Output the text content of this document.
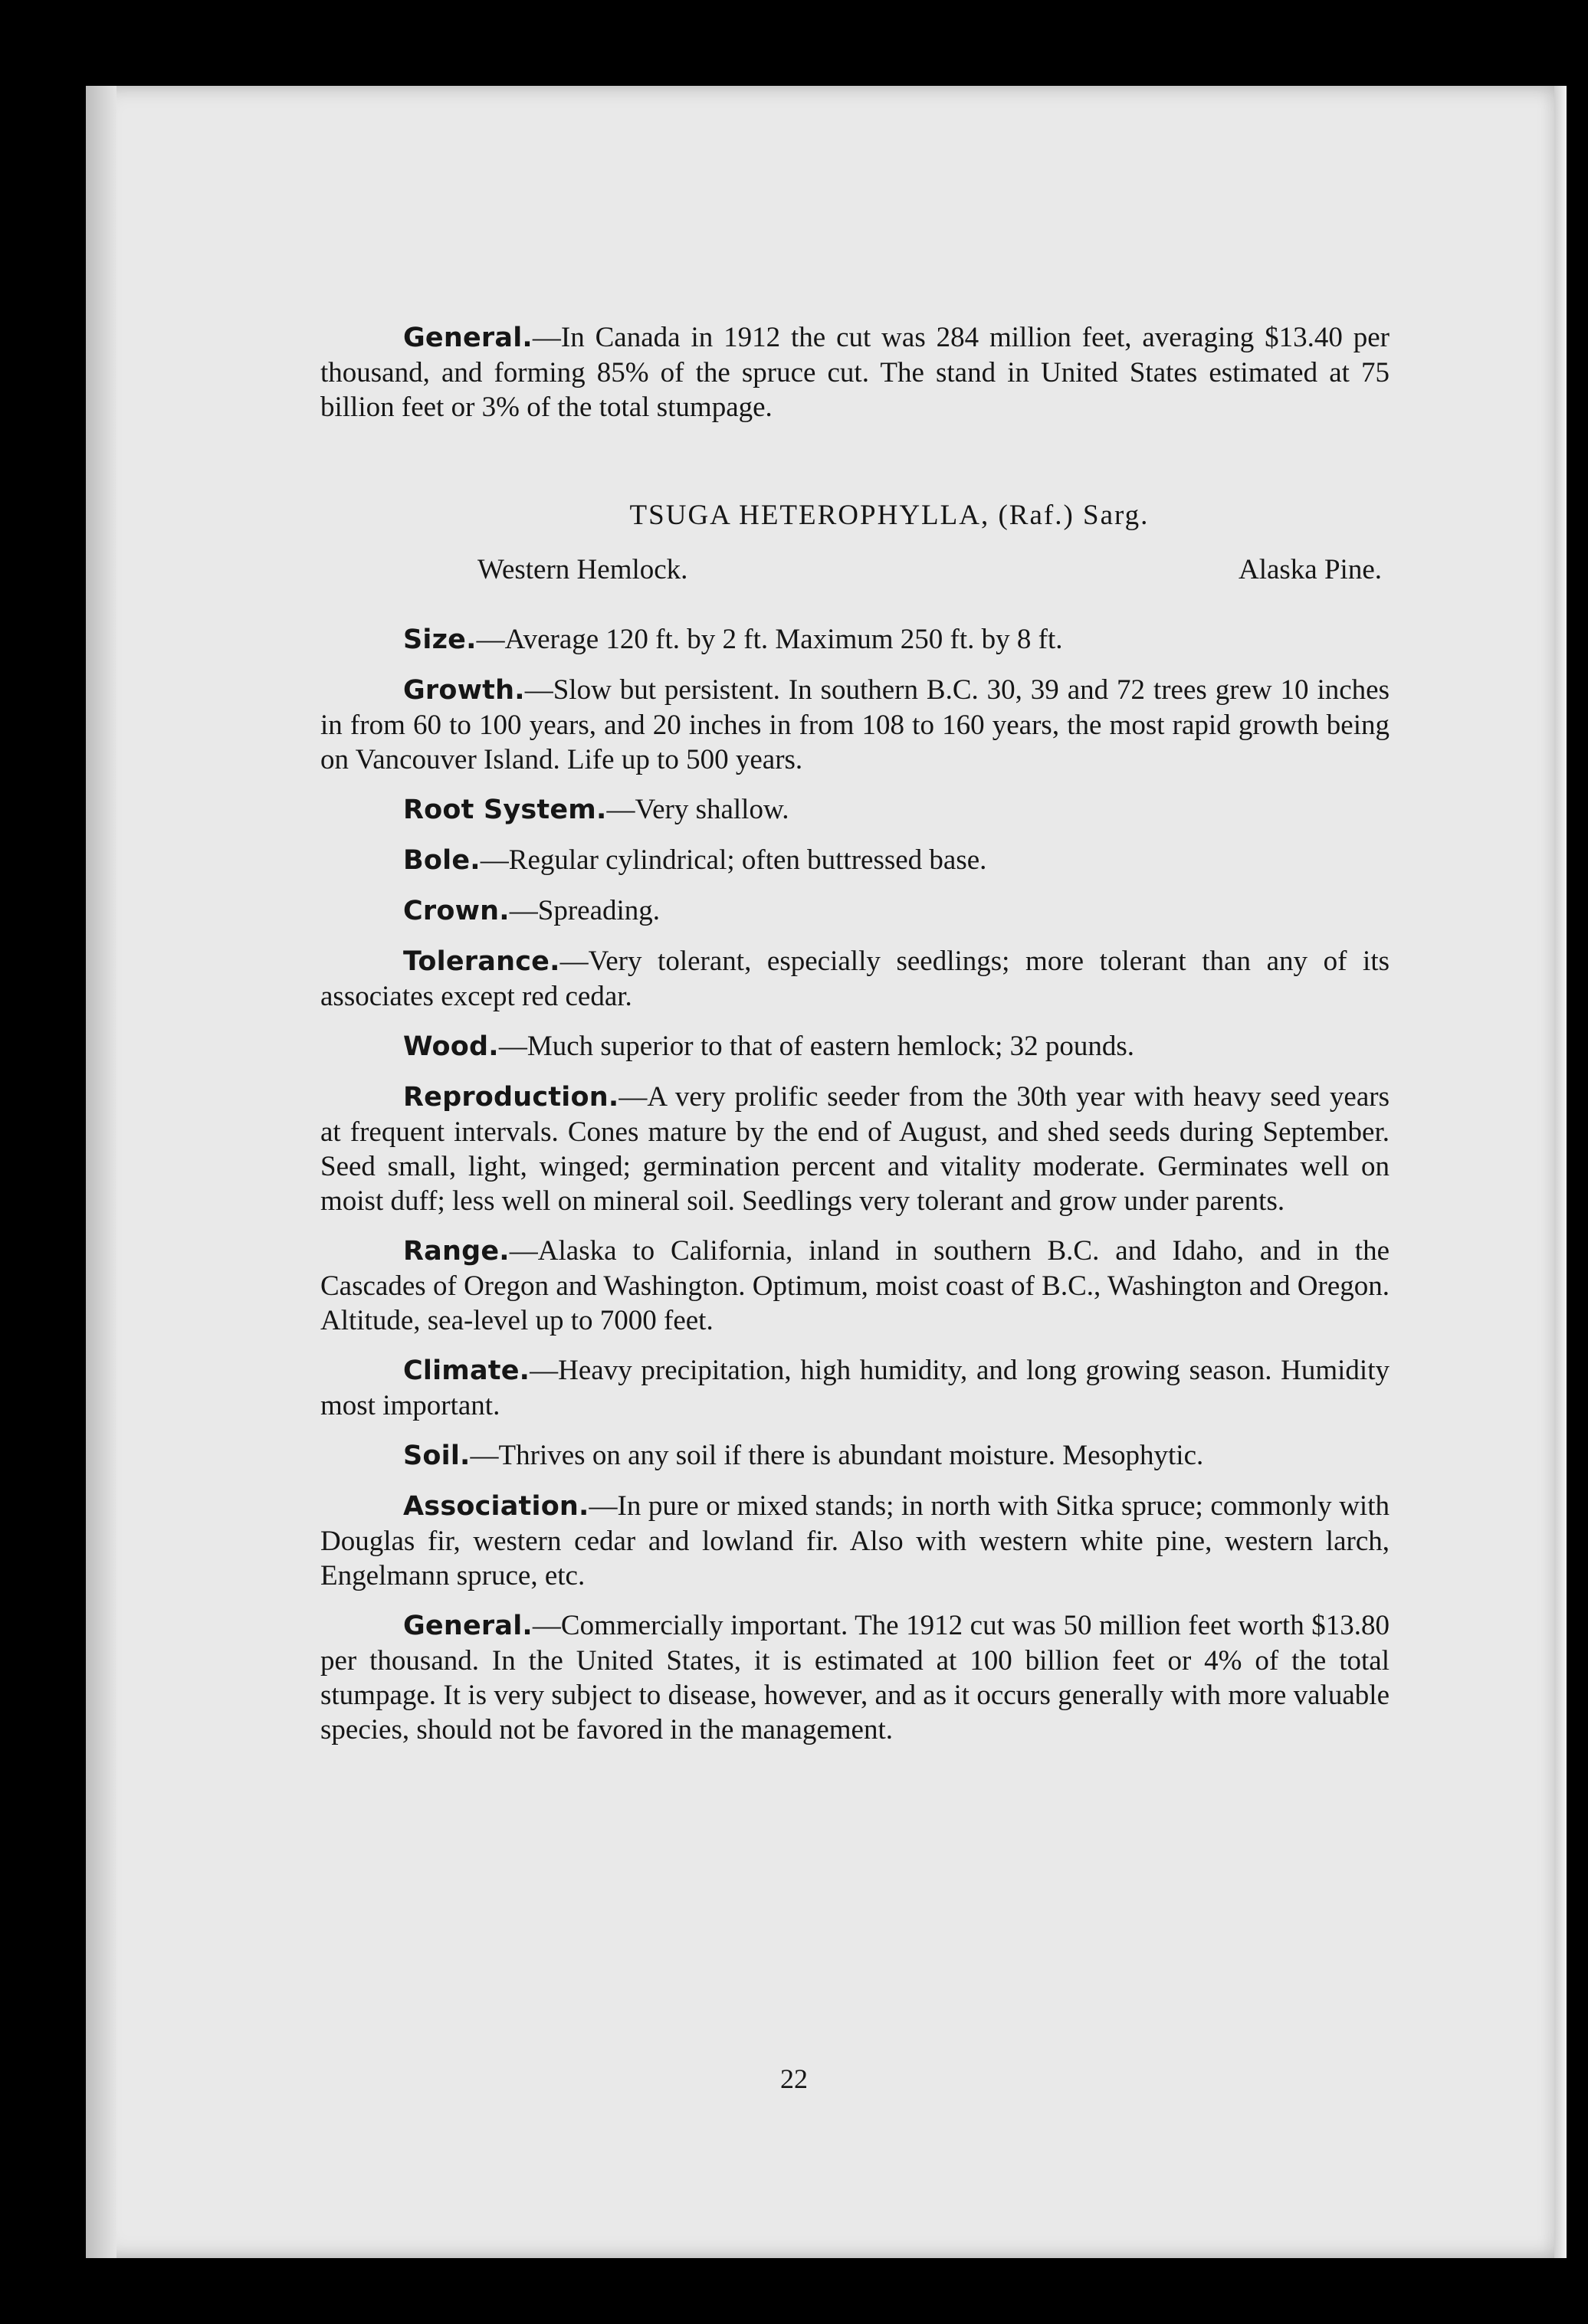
General.—In Canada in 1912 the cut was 284 million feet, averaging $13.40 per thousand, and forming 85% of the spruce cut. The stand in United States estimated at 75 billion feet or 3% of the total stumpage.

TSUGA HETEROPHYLLA, (Raf.) Sarg.
Western Hemlock.	Alaska Pine.

Size.—Average 120 ft. by 2 ft. Maximum 250 ft. by 8 ft.

Growth.—Slow but persistent. In southern B.C. 30, 39 and 72 trees grew 10 inches in from 60 to 100 years, and 20 inches in from 108 to 160 years, the most rapid growth being on Vancouver Island. Life up to 500 years.

Root System.—Very shallow.

Bole.—Regular cylindrical; often buttressed base.

Crown.—Spreading.

Tolerance.—Very tolerant, especially seedlings; more tolerant than any of its associates except red cedar.

Wood.—Much superior to that of eastern hemlock; 32 pounds.

Reproduction.—A very prolific seeder from the 30th year with heavy seed years at frequent intervals. Cones mature by the end of August, and shed seeds during September. Seed small, light, winged; germination percent and vitality moderate. Germinates well on moist duff; less well on mineral soil. Seedlings very tolerant and grow under parents.

Range.—Alaska to California, inland in southern B.C. and Idaho, and in the Cascades of Oregon and Washington. Optimum, moist coast of B.C., Washington and Oregon. Altitude, sea-level up to 7000 feet.

Climate.—Heavy precipitation, high humidity, and long growing season. Humidity most important.

Soil.—Thrives on any soil if there is abundant moisture. Mesophytic.

Association.—In pure or mixed stands; in north with Sitka spruce; commonly with Douglas fir, western cedar and lowland fir. Also with western white pine, western larch, Engelmann spruce, etc.

General.—Commercially important. The 1912 cut was 50 million feet worth $13.80 per thousand. In the United States, it is estimated at 100 billion feet or 4% of the total stumpage. It is very subject to disease, however, and as it occurs generally with more valuable species, should not be favored in the management.

22
